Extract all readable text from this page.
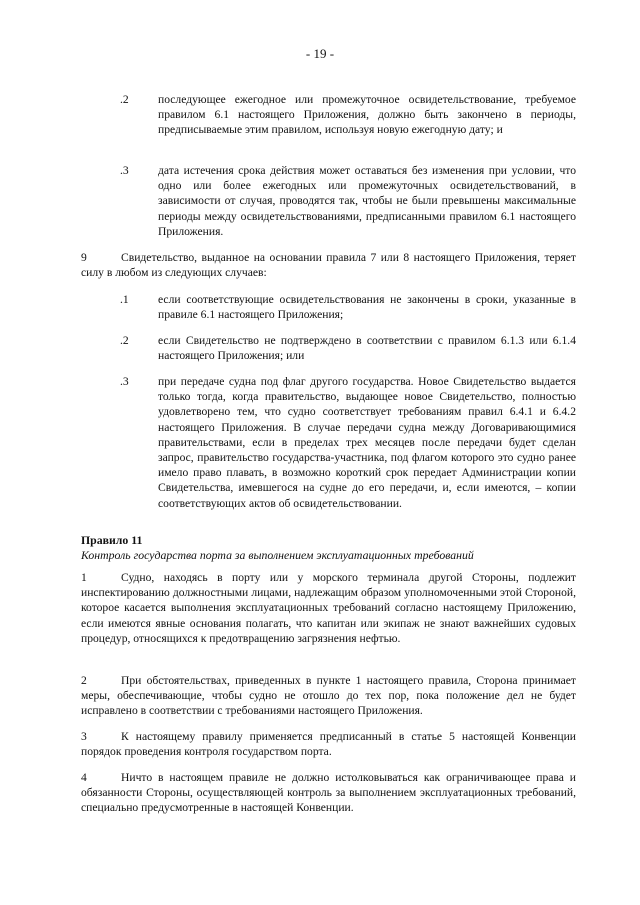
- 19 -
.2	последующее ежегодное или промежуточное освидетельствование, требуемое правилом 6.1 настоящего Приложения, должно быть закончено в периоды, предписываемые этим правилом, используя новую ежегодную дату; и
.3	дата истечения срока действия может оставаться без изменения при условии, что одно или более ежегодных или промежуточных освидетельствований, в зависимости от случая, проводятся так, чтобы не были превышены максимальные периоды между освидетельствованиями, предписанными правилом 6.1 настоящего Приложения.
9	Свидетельство, выданное на основании правила 7 или 8 настоящего Приложения, теряет силу в любом из следующих случаев:
.1	если соответствующие освидетельствования не закончены в сроки, указанные в правиле 6.1 настоящего Приложения;
.2	если Свидетельство не подтверждено в соответствии с правилом 6.1.3 или 6.1.4 настоящего Приложения; или
.3	при передаче судна под флаг другого государства. Новое Свидетельство выдается только тогда, когда правительство, выдающее новое Свидетельство, полностью удовлетворено тем, что судно соответствует требованиям правил 6.4.1 и 6.4.2 настоящего Приложения. В случае передачи судна между Договаривающимися правительствами, если в пределах трех месяцев после передачи будет сделан запрос, правительство государства-участника, под флагом которого это судно ранее имело право плавать, в возможно короткий срок передает Администрации копии Свидетельства, имевшегося на судне до его передачи, и, если имеются, – копии соответствующих актов об освидетельствовании.
Правило 11
Контроль государства порта за выполнением эксплуатационных требований
1	Судно, находясь в порту или у морского терминала другой Стороны, подлежит инспектированию должностными лицами, надлежащим образом уполномоченными этой Стороной, которое касается выполнения эксплуатационных требований согласно настоящему Приложению, если имеются явные основания полагать, что капитан или экипаж не знают важнейших судовых процедур, относящихся к предотвращению загрязнения нефтью.
2	При обстоятельствах, приведенных в пункте 1 настоящего правила, Сторона принимает меры, обеспечивающие, чтобы судно не отошло до тех пор, пока положение дел не будет исправлено в соответствии с требованиями настоящего Приложения.
3	К настоящему правилу применяется предписанный в статье 5 настоящей Конвенции порядок проведения контроля государством порта.
4	Ничто в настоящем правиле не должно истолковываться как ограничивающее права и обязанности Стороны, осуществляющей контроль за выполнением эксплуатационных требований, специально предусмотренные в настоящей Конвенции.
